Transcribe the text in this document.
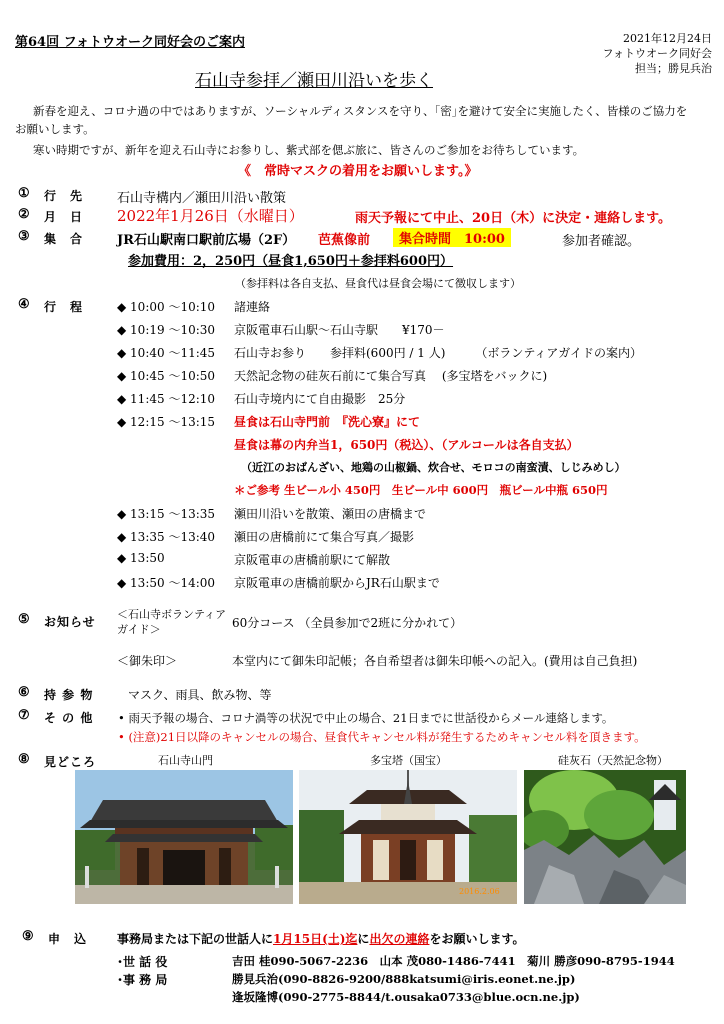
第64回 フォトウオーク同好会のご案内	2021年12月24日
フォトウオーク同好会
担当；勝見兵治
石山寺参拝／瀬田川沿いを歩く
新春を迎え、コロナ過の中ではありますが、ソーシャルディスタンスを守り、｢密｣を避けて安全に実施したく、皆様のご協力を
お願いします。
寒い時期ですが、新年を迎え石山寺にお参りし、紫式部を偲ぶ旅に、皆さんのご参加をお待ちしています。
《　常時マスクの着用をお願いします。》
① 行　先	石山寺構内／瀬田川沿い散策
② 月　日 2022年1月26日（水曜日）	雨天予報にて中止、20日（木）に決定・連絡します。
③ 集　合	JR石山駅南口駅前広場（2F） 芭蕉像前	集合時間　10:00	参加者確認。
参加費用：2，250円（昼食1,650円＋参拝料600円）
（参拝料は各自支払、昼食代は昼食会場にて徴収します）
④ 行　程	◆ 10:00 ～10:10 諸連絡
◆ 10:19 ～10:30 京阪電車石山駅～石山寺駅　　¥170－
◆ 10:40 ～11:45 石山寺お参り　　参拝料(600円 / 1 人)　　　（ボランティアガイドの案内）
◆ 10:45 ～10:50 天然記念物の硅灰石前にて集合写真　 (多宝塔をバックに)
◆ 11:45 ～12:10 石山寺境内にて自由撮影　25分
◆ 12:15 ～13:15 昼食は石山寺門前　『洗心寮』にて
昼食は幕の内弁当1，650円（税込）、（アルコールは各自支払）
（近江のおばんざい、地鶏の山椒鍋、炊合せ、モロコの南蛮漬、しじみめし）
＊ご参考 生ビール小 450円　生ビール中 600円　瓶ビール中瓶 650円
◆ 13:15 ～13:35 瀬田川沿いを散策、瀬田の唐橋まで
◆ 13:35 ～13:40 瀬田の唐橋前にて集合写真／撮影
◆ 13:50	京阪電車の唐橋前駅にて解散
◆ 13:50 ～14:00 京阪電車の唐橋前駅からJR石山駅まで
⑤ お知らせ
＜石山寺ボランティア
ガイド＞	60分コース （全員参加で2班に分かれて）
＜御朱印＞	本堂内にて御朱印記帳；各自希望者は御朱印帳への記入。(費用は自己負担)
⑥ 持 参 物	マスク、雨具、飲み物、等
⑦ そ の 他 • 雨天予報の場合、コロナ渦等の状況で中止の場合、21日までに世話役からメール連絡します。
• (注意)21日以降のキャンセルの場合、昼食代キャンセル料が発生するためキャンセル料を頂きます。
⑧ 見どころ	石山寺山門	多宝塔（国宝）	硅灰石（天然記念物）
2016.2.06
⑨ 申　込 事務局または下記の世話人に1月15日(土)迄に出欠の連絡をお願いします。
･世 話 役	吉田 桂090-5067-2236　山本 茂080-1486-7441　菊川 勝彦090-8795-1944
･事 務 局	勝見兵治(090-8826-9200/888katsumi@iris.eonet.ne.jp)
逢坂隆博(090-2775-8844/t.ousaka0733@blue.ocn.ne.jp)
